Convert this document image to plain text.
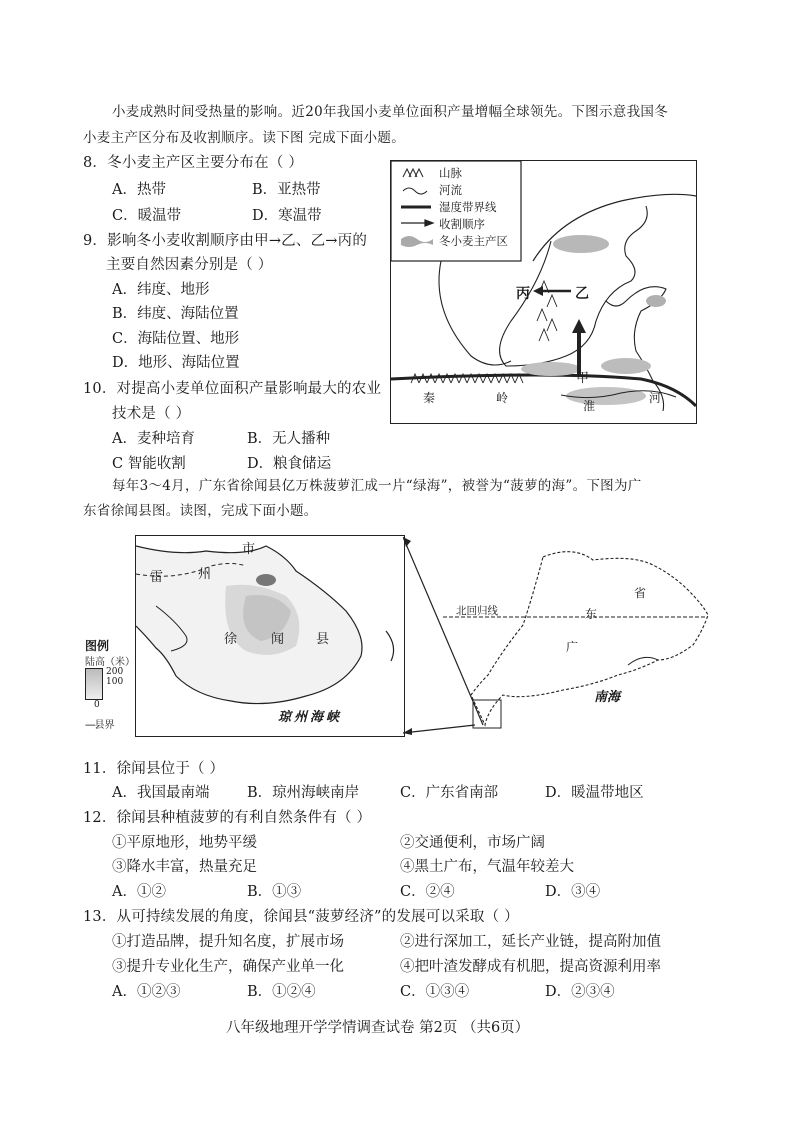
小麦成熟时间受热量的影响。近20年我国小麦单位面积产量增幅全球领先。下图示意我国冬
小麦主产区分布及收割顺序。读下图 完成下面小题。
8．冬小麦主产区主要分布在（ ）
A．热带	B．亚热带
C．暖温带	D．寒温带
9．影响冬小麦收割顺序由甲→乙、乙→丙的
主要自然因素分别是（ ）
A．纬度、地形
B．纬度、海陆位置
C．海陆位置、地形
D．地形、海陆位置
10．对提高小麦单位面积产量影响最大的农业
技术是（ ）
A．麦种培育	B．无人播种
C 智能收割	D．粮食储运
山脉
河流
湿度带界线
收割顺序
冬小麦主产区
丙	乙
甲
秦	岭
淮
河
每年3～4月，广东省徐闻县亿万株菠萝汇成一片“绿海”，被誉为“菠萝的海”。下图为广
东省徐闻县图。读图，完成下面小题。
市
雷	州
徐	闻 县
琼州海峡
图例
陆高（米）
200
100
0
----县界
北回归线	东
省
广
南海
11．徐闻县位于（ ）
A．我国最南端	B．琼州海峡南岸	C．广东省南部	D．暖温带地区
12．徐闻县种植菠萝的有利自然条件有（ ）
①平原地形，地势平缓	②交通便利，市场广阔
③降水丰富，热量充足	④黑土广布，气温年较差大
A．①②	B．①③	C．②④	D．③④
13．从可持续发展的角度，徐闻县“菠萝经济”的发展可以采取（ ）
①打造品牌，提升知名度，扩展市场	②进行深加工，延长产业链，提高附加值
③提升专业化生产，确保产业单一化	④把叶渣发酵成有机肥，提高资源利用率
A．①②③	B．①②④	C．①③④	D．②③④
八年级地理开学学情调查试卷 第2页 （共6页）
